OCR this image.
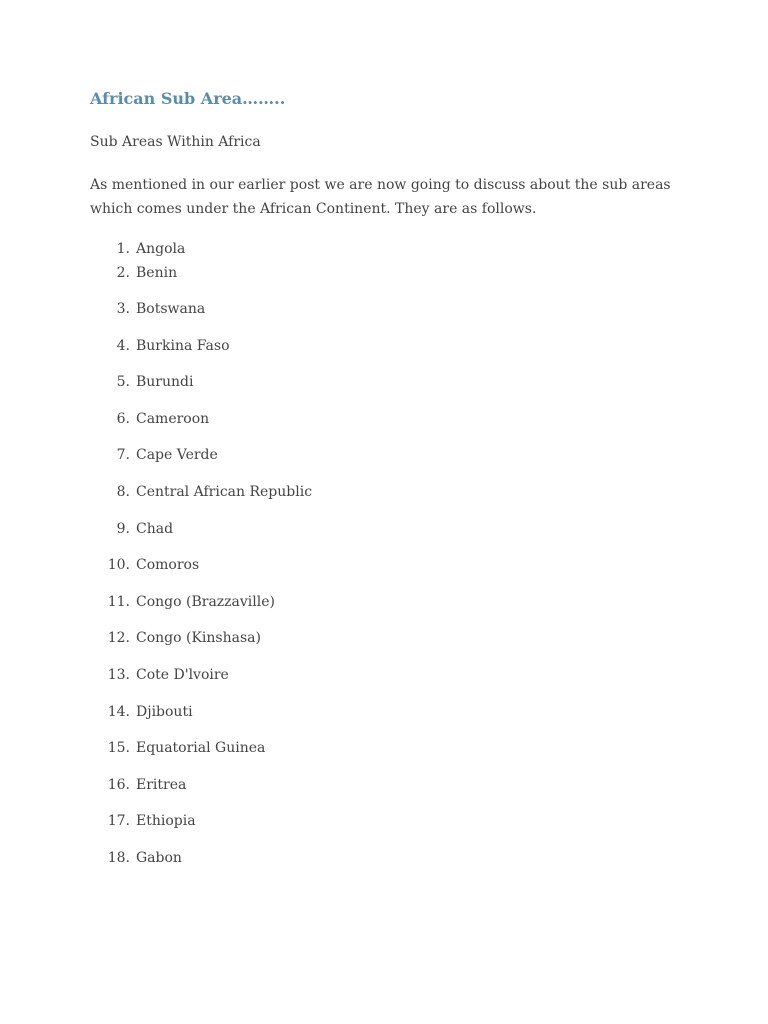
African Sub Area……..

Sub Areas Within Africa

As mentioned in our earlier post we are now going to discuss about the sub areas which comes under the African Continent. They are as follows.

1. Angola
2. Benin
3. Botswana
4. Burkina Faso
5. Burundi
6. Cameroon
7. Cape Verde
8. Central African Republic
9. Chad
10. Comoros
11. Congo (Brazzaville)
12. Congo (Kinshasa)
13. Cote D'lvoire
14. Djibouti
15. Equatorial Guinea
16. Eritrea
17. Ethiopia
18. Gabon
